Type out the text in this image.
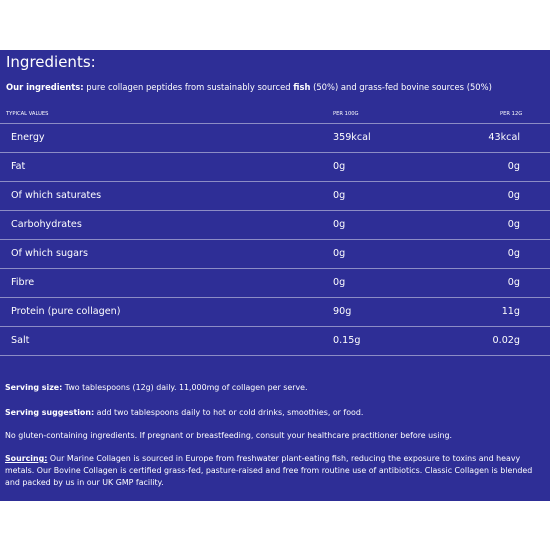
Ingredients:
Our ingredients: pure collagen peptides from sustainably sourced fish (50%) and grass-fed bovine sources (50%)
TYPICAL VALUES	PER 100G	PER 12G
Energy	359kcal	43kcal
Fat	0g	0g
Of which saturates	0g	0g
Carbohydrates	0g	0g
Of which sugars	0g	0g
Fibre	0g	0g
Protein (pure collagen)	90g	11g
Salt	0.15g	0.02g

Serving size: Two tablespoons (12g) daily. 11,000mg of collagen per serve.

Serving suggestion: add two tablespoons daily to hot or cold drinks, smoothies, or food.

No gluten-containing ingredients. If pregnant or breastfeeding, consult your healthcare practitioner before using.

Sourcing: Our Marine Collagen is sourced in Europe from freshwater plant-eating fish, reducing the exposure to toxins and heavy metals. Our Bovine Collagen is certified grass-fed, pasture-raised and free from routine use of antibiotics. Classic Collagen is blended and packed by us in our UK GMP facility.
